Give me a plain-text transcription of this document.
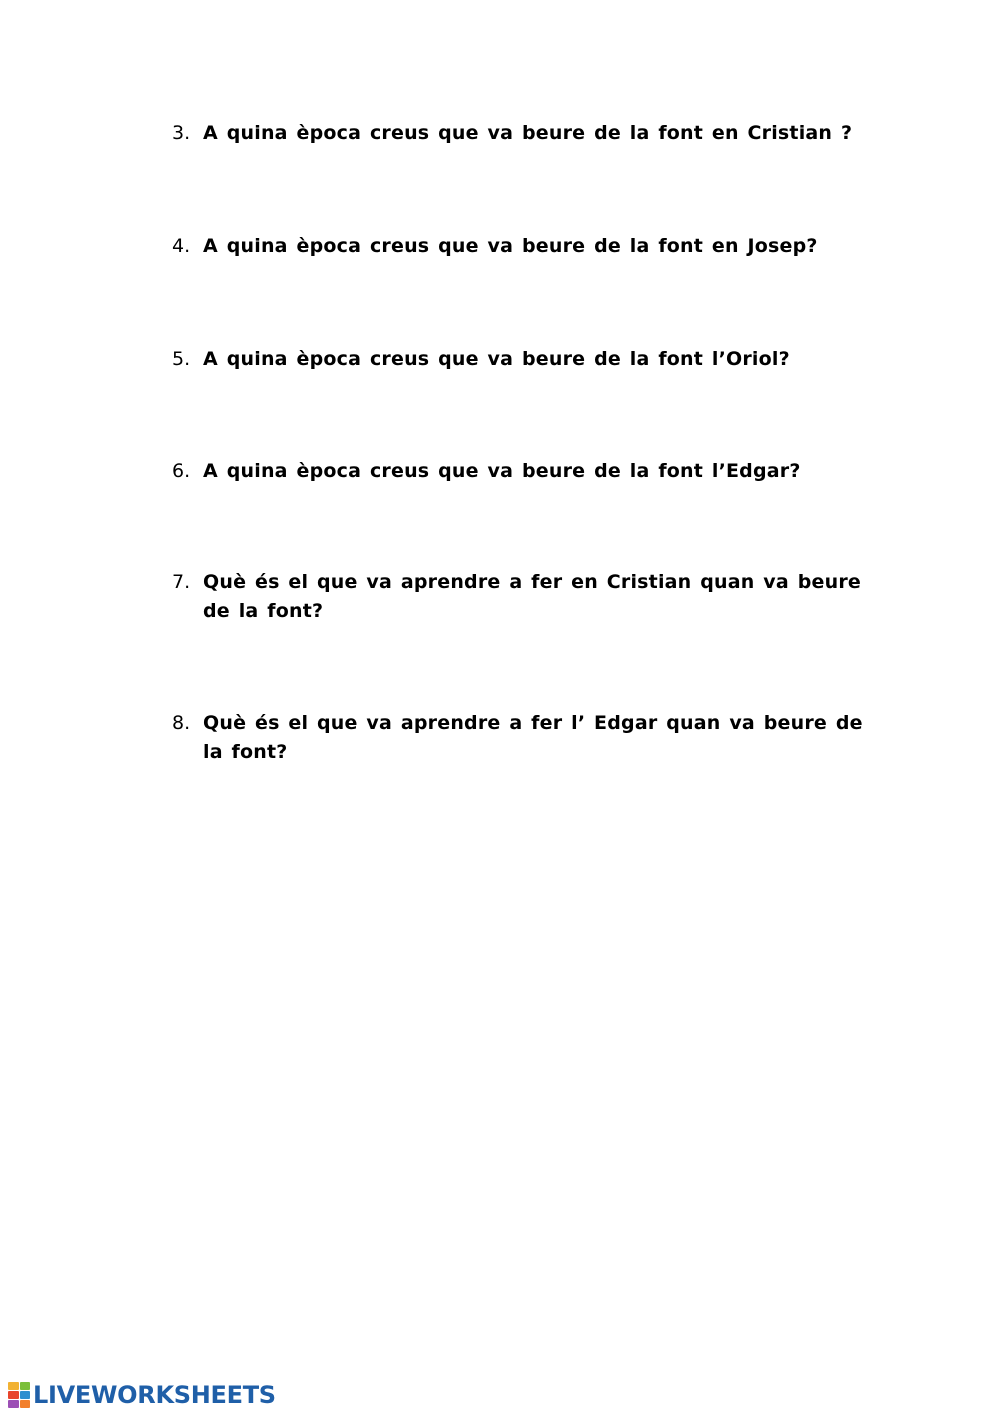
3. A quina època creus que va beure de la font en Cristian ?
4. A quina època creus que va beure de la font en Josep?
5. A quina època creus que va beure de la font l’Oriol?
6. A quina època creus que va beure de la font l’Edgar?
7. Què és el que va aprendre a fer en Cristian quan va beure de la font?
8. Què és el que va aprendre a fer l’ Edgar quan va beure de la font?
LIVEWORKSHEETS
